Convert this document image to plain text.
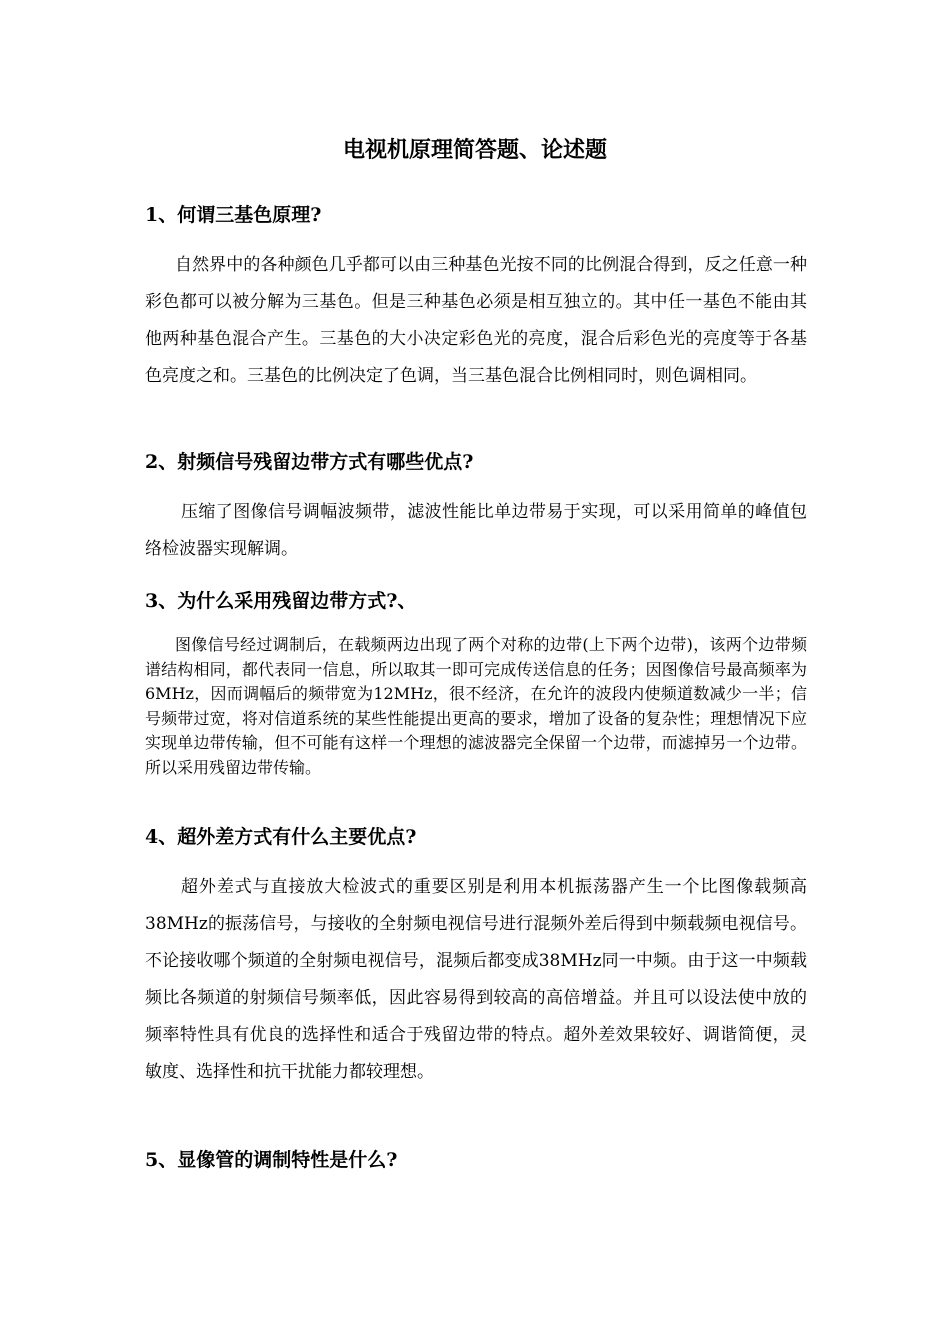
电视机原理简答题、论述题
1、何谓三基色原理?

自然界中的各种颜色几乎都可以由三种基色光按不同的比例混合得到，反之任意一种彩色都可以被分解为三基色。但是三种基色必须是相互独立的。其中任一基色不能由其他两种基色混合产生。三基色的大小决定彩色光的亮度，混合后彩色光的亮度等于各基色亮度之和。三基色的比例决定了色调，当三基色混合比例相同时，则色调相同。

2、射频信号残留边带方式有哪些优点?

压缩了图像信号调幅波频带，滤波性能比单边带易于实现，可以采用简单的峰值包络检波器实现解调。

3、为什么采用残留边带方式?、

图像信号经过调制后，在载频两边出现了两个对称的边带(上下两个边带)，该两个边带频谱结构相同，都代表同一信息，所以取其一即可完成传送信息的任务；因图像信号最高频率为6MHz，因而调幅后的频带宽为12MHz，很不经济，在允许的波段内使频道数减少一半；信号频带过宽，将对信道系统的某些性能提出更高的要求，增加了设备的复杂性；理想情况下应实现单边带传输，但不可能有这样一个理想的滤波器完全保留一个边带，而滤掉另一个边带。所以采用残留边带传输。

4、超外差方式有什么主要优点?

超外差式与直接放大检波式的重要区别是利用本机振荡器产生一个比图像载频高38MHz的振荡信号，与接收的全射频电视信号进行混频外差后得到中频载频电视信号。不论接收哪个频道的全射频电视信号，混频后都变成38MHz同一中频。由于这一中频载频比各频道的射频信号频率低，因此容易得到较高的高倍增益。并且可以设法使中放的频率特性具有优良的选择性和适合于残留边带的特点。超外差效果较好、调谐简便，灵敏度、选择性和抗干扰能力都较理想。

5、显像管的调制特性是什么?
